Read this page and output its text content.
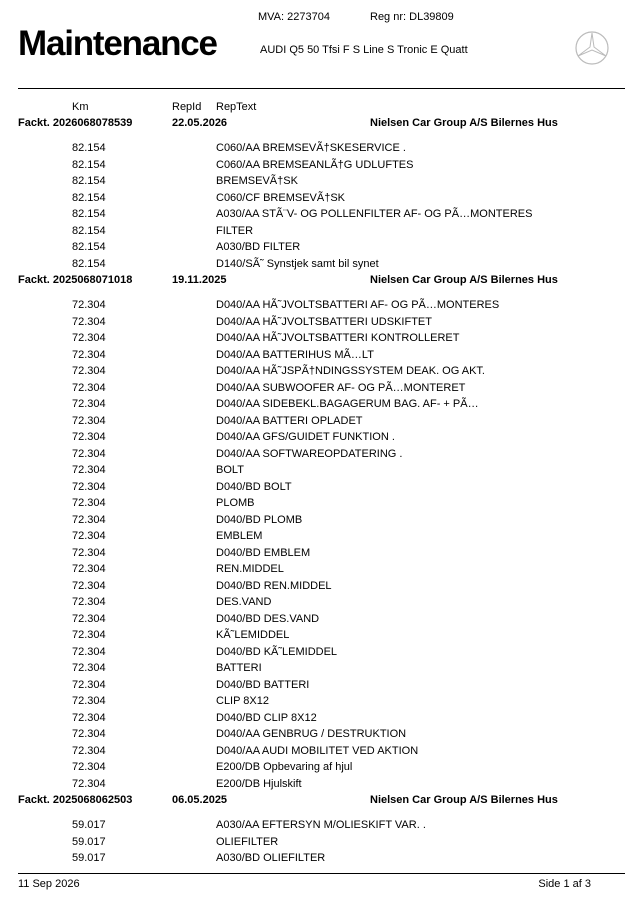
Maintenance
MVA: 2273704	Reg nr: DL39809
AUDI Q5 50 Tfsi F S Line S Tronic E Quatt
Km	RepId RepText
Fackt. 2026068078539	22.05.2026	Nielsen Car Group A/S Bilernes Hus
82.154	C060/AA BREMSEVÃ†SKESERVICE .
82.154	C060/AA BREMSEANLÃ†G UDLUFTES
82.154	BREMSEVÃ†SK
82.154	C060/CF BREMSEVÃ†SK
82.154	A030/AA STÃ¨V- OG POLLENFILTER AF- OG PÃ…MONTERES
82.154	FILTER
82.154	A030/BD FILTER
82.154	D140/SÃ˜ Synstjek samt bil synet
Fackt. 2025068071018	19.11.2025	Nielsen Car Group A/S Bilernes Hus
72.304	D040/AA HÃ˜JVOLTSBATTERI AF- OG PÃ…MONTERES
72.304	D040/AA HÃ˜JVOLTSBATTERI UDSKIFTET
72.304	D040/AA HÃ˜JVOLTSBATTERI KONTROLLERET
72.304	D040/AA BATTERIHUS MÃ…LT
72.304	D040/AA HÃ˜JSPÃ†NDINGSSYSTEM DEAK. OG AKT.
72.304	D040/AA SUBWOOFER AF- OG PÃ…MONTERET
72.304	D040/AA SIDEBEKL.BAGAGERUM BAG. AF- + PÃ…
72.304	D040/AA BATTERI OPLADET
72.304	D040/AA GFS/GUIDET FUNKTION .
72.304	D040/AA SOFTWAREOPDATERING .
72.304	BOLT
72.304	D040/BD BOLT
72.304	PLOMB
72.304	D040/BD PLOMB
72.304	EMBLEM
72.304	D040/BD EMBLEM
72.304	REN.MIDDEL
72.304	D040/BD REN.MIDDEL
72.304	DES.VAND
72.304	D040/BD DES.VAND
72.304	KÃ˜LEMIDDEL
72.304	D040/BD KÃ˜LEMIDDEL
72.304	BATTERI
72.304	D040/BD BATTERI
72.304	CLIP 8X12
72.304	D040/BD CLIP 8X12
72.304	D040/AA GENBRUG / DESTRUKTION
72.304	D040/AA AUDI MOBILITET VED AKTION
72.304	E200/DB Opbevaring af hjul
72.304	E200/DB Hjulskift
Fackt. 2025068062503	06.05.2025	Nielsen Car Group A/S Bilernes Hus
59.017	A030/AA EFTERSYN M/OLIESKIFT VAR. .
59.017	OLIEFILTER
59.017	A030/BD OLIEFILTER
11 Sep 2026	Side 1 af 3
